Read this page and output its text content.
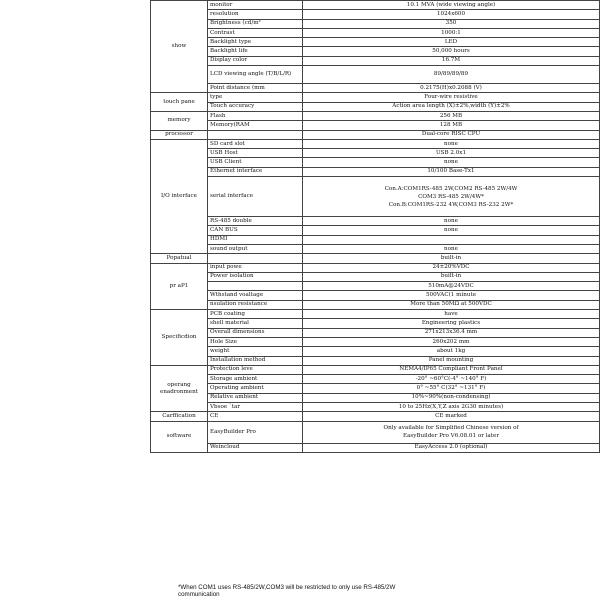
show	monitor	10.1 MVA (wide viewing angle)
	resolution	1024x600
	Brightness (cd/m²	350
	Contrast	1000:1
	Backlight type	LED
	Backlight life	50,000 hours
	Display color	16.7M
	LCD viewing angle (T/B/L/R)	89/89/89/89
	Point distance (mm	0.2175(H)x0.2088 (V)
touch pane	type	Four-wire resistive
	Touch accuracy	Action area length (X)±2%,width (Y)±2%
memory	Flash	256 MB
	Memory(RAM	128 MB
processor		Dual-core RISC CPU
I/O interface	SD card slot	none
	USB Host	USB 2.0x1
	USB Client	none
	Ethernet interface	10/100 Base-Tx1
	serial interface	Con.A:COM1RS-485 2W,COM2 RS-485 2W/4W
COM3 RS-485 2W/4W*
Con.B:COM1RS-232 4W,COM3 RS-232 2W*
	RS-485 double	none
	CAN BUS	none
	HDMI	
	sound output	none
Popatual		built-in
pr aP1	input powe	24±20%VDC
	Power isolation	built-in
		510mA@24VDC
	Wthstand voaltage	500VAC(1 minute
	nsulation resistance	More than 50MΩ at 500VDC
Specificdion	PCB coating	have
	shell material	Engineering plastics
	Overall dimensions	271x213x36.4 mm
	Hole Size	260x202 mm
	weight	about 1kg
	Installation method	Panel mounting
operang
enadronment	Protection leve	NEMA4/IP65 Compliant Front Panel
	Storage ambient	-20° ~60°C(-4° ~140° F)
	Operating ambient	0° ~55° C(32° ~131° F)
	Relative ambient	10%~90%(non-condensing)
	Vbsoe `tar	10 to 25Hz(X,Y,Z axis 2G30 minutes)
Carffication	CE	CE marked
software	EasyBuilder Pro	Only available for Simplified Chinese version of
EasyBuilder Pro V6.08.01 or later
	Weincloud	EasyAccess 2.0 (optional)
*When COM1 uses RS-485/2W,COM3 will be restricted to only use RS-485/2W communication
